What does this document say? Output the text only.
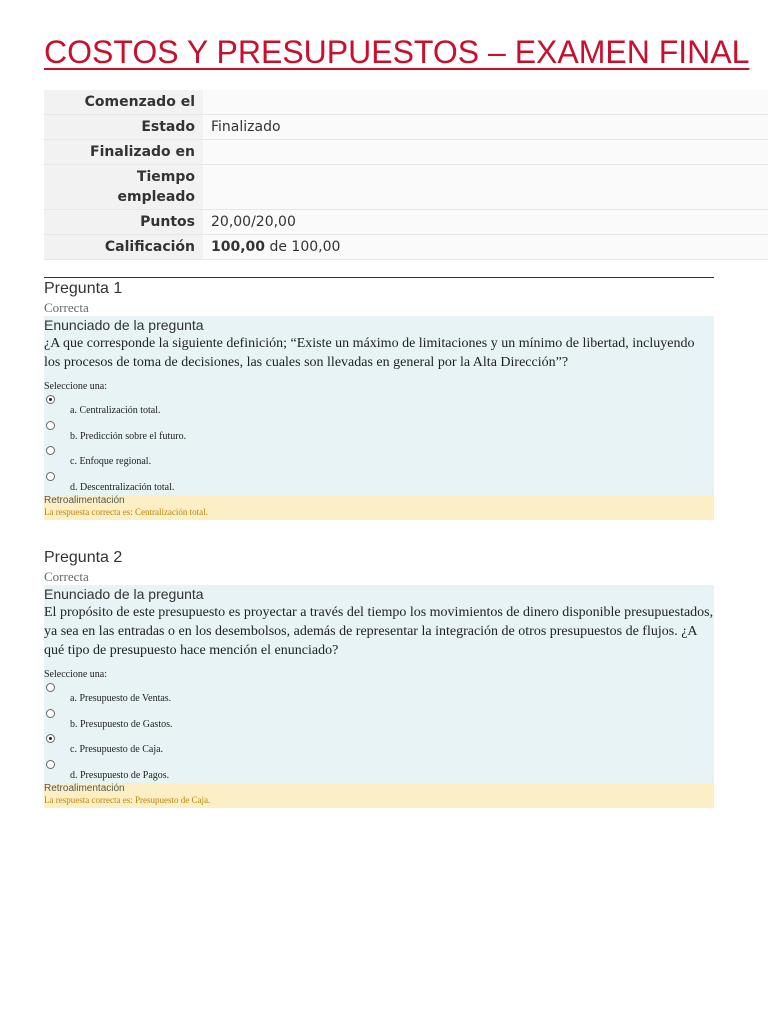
COSTOS Y PRESUPUESTOS – EXAMEN FINAL
Comenzado el	
Estado	Finalizado
Finalizado en	
Tiempo
empleado	
Puntos	20,00/20,00
Calificación	100,00 de 100,00
Pregunta 1
Correcta
Enunciado de la pregunta

¿A que corresponde la siguiente definición; “Existe un máximo de limitaciones y un mínimo de libertad, incluyendo los procesos de toma de decisiones, las cuales son llevadas en general por la Alta Dirección”?

Seleccione una:
a. Centralización total.
b. Predicción sobre el futuro.
c. Enfoque regional.
d. Descentralización total.
Retroalimentación
La respuesta correcta es: Centralización total.
Pregunta 2
Correcta
Enunciado de la pregunta

El propósito de este presupuesto es proyectar a través del tiempo los movimientos de dinero disponible presupuestados, ya sea en las entradas o en los desembolsos, además de representar la integración de otros presupuestos de flujos. ¿A qué tipo de presupuesto hace mención el enunciado?

Seleccione una:
a. Presupuesto de Ventas.
b. Presupuesto de Gastos.
c. Presupuesto de Caja.
d. Presupuesto de Pagos.
Retroalimentación
La respuesta correcta es: Presupuesto de Caja.
